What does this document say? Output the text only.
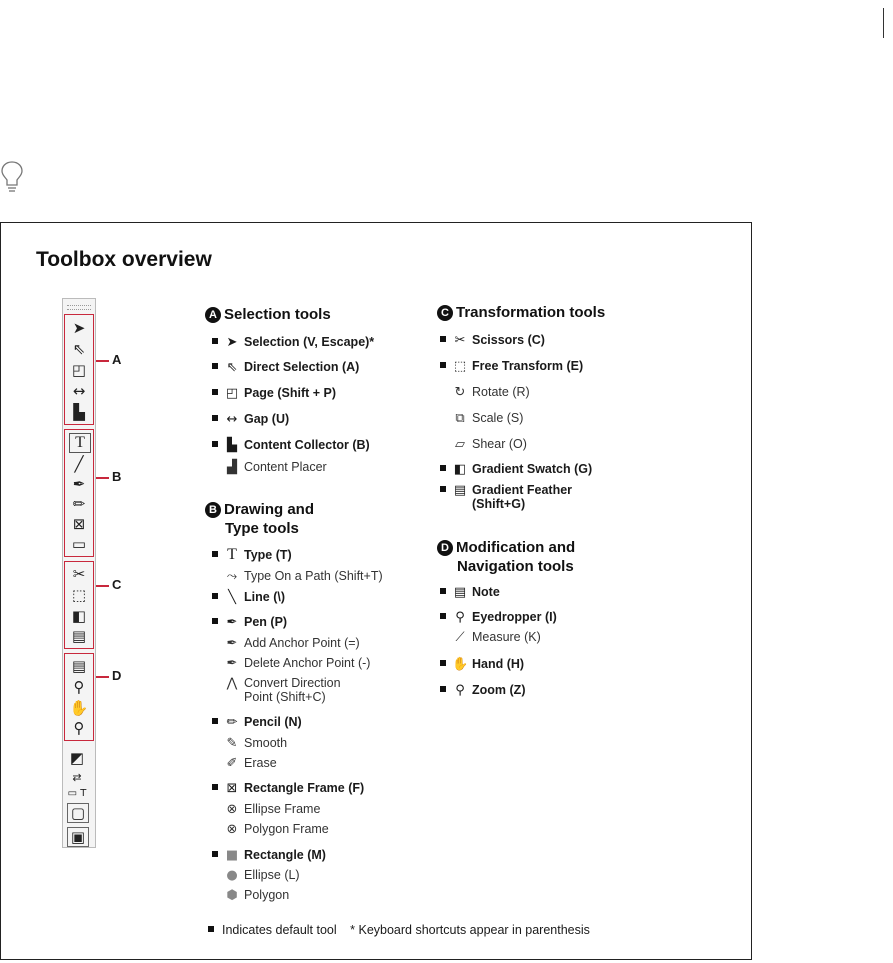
Toolbox overview
➤
⇖
◰
↔
▙
T
╱
✒
✏
⊠
▭
✂
⬚
◧
▤
▤
⚲
✋
⚲
◩
⇄
▭ T
▢
▣
A
B
C
D
A Selection tools
➤ Selection (V, Escape)*
⇖ Direct Selection (A)
◰ Page (Shift + P)
↔ Gap (U)
▙ Content Collector (B)
▟ Content Placer
B Drawing and
Type tools
T Type (T)
⤳ Type On a Path (Shift+T)
╲ Line (\)
✒ Pen (P)
✒ Add Anchor Point (=)
✒ Delete Anchor Point (-)
⋀ Convert Direction
Point (Shift+C)
✏ Pencil (N)
✎ Smooth
✐ Erase
⊠ Rectangle Frame (F)
⊗ Ellipse Frame
⊗ Polygon Frame
■ Rectangle (M)
● Ellipse (L)
⬢ Polygon
C Transformation tools
✂ Scissors (C)
⬚ Free Transform (E)
↻ Rotate (R)
⧉ Scale (S)
▱ Shear (O)
◧ Gradient Swatch (G)
▤ Gradient Feather
(Shift+G)
D Modification and
Navigation tools
▤ Note
⚲ Eyedropper (I)
⟋ Measure (K)
✋ Hand (H)
⚲ Zoom (Z)
Indicates default tool * Keyboard shortcuts appear in parenthesis
